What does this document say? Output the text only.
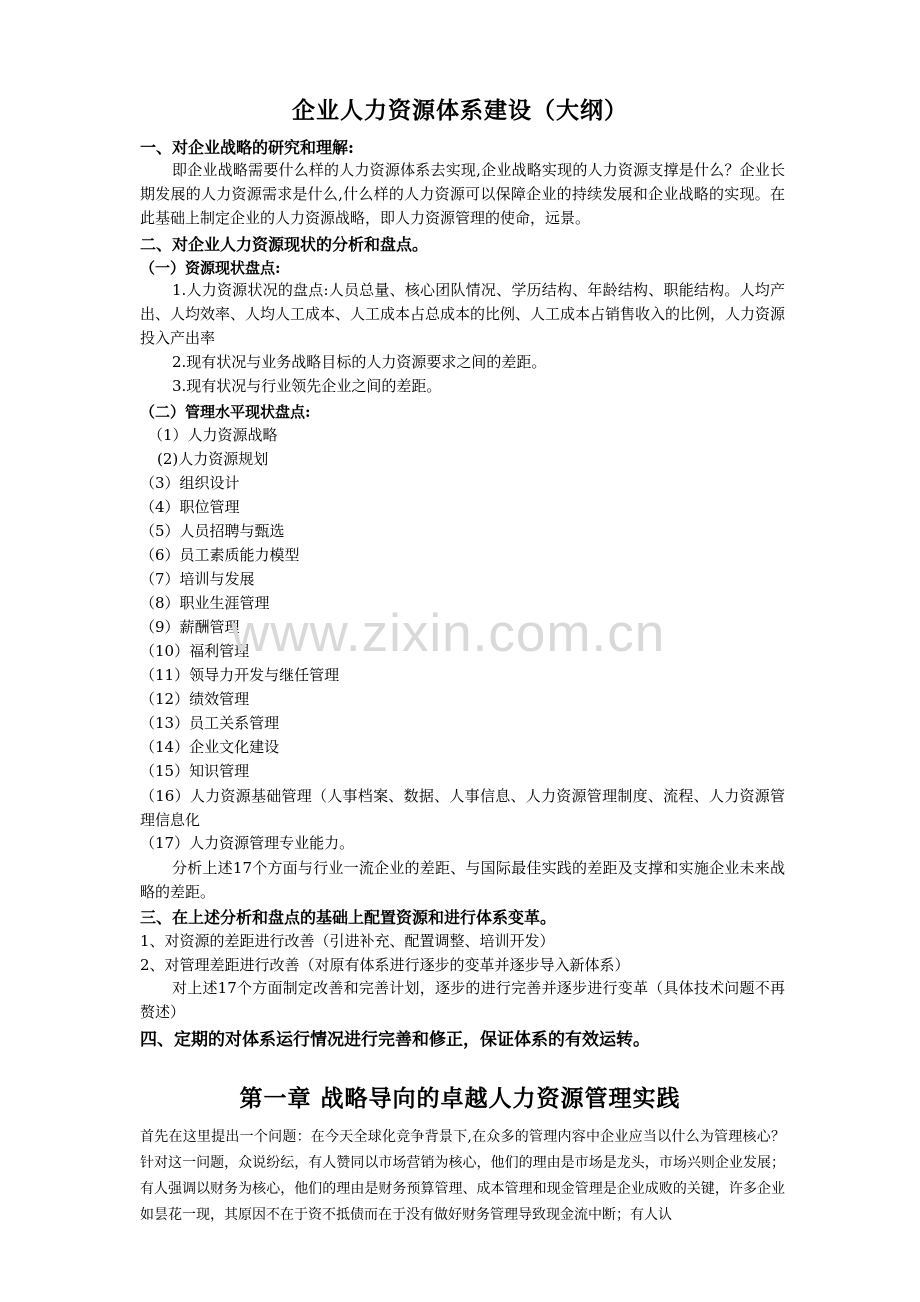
企业人力资源体系建设（大纲）
一、对企业战略的研究和理解:
即企业战略需要什么样的人力资源体系去实现,企业战略实现的人力资源支撑是什么？企业长期发展的人力资源需求是什么,什么样的人力资源可以保障企业的持续发展和企业战略的实现。在此基础上制定企业的人力资源战略，即人力资源管理的使命，远景。
二、对企业人力资源现状的分析和盘点。
（一）资源现状盘点:
1.人力资源状况的盘点:人员总量、核心团队情况、学历结构、年龄结构、职能结构。人均产出、人均效率、人均人工成本、人工成本占总成本的比例、人工成本占销售收入的比例，人力资源投入产出率
2.现有状况与业务战略目标的人力资源要求之间的差距。
3.现有状况与行业领先企业之间的差距。
（二）管理水平现状盘点:
（1）人力资源战略
(2)人力资源规划
（3）组织设计
（4）职位管理
（5）人员招聘与甄选
（6）员工素质能力模型
（7）培训与发展
（8）职业生涯管理
（9）薪酬管理
（10）福利管理
（11）领导力开发与继任管理
（12）绩效管理
（13）员工关系管理
（14）企业文化建设
（15）知识管理
（16）人力资源基础管理（人事档案、数据、人事信息、人力资源管理制度、流程、人力资源管理信息化
（17）人力资源管理专业能力。
分析上述17个方面与行业一流企业的差距、与国际最佳实践的差距及支撑和实施企业未来战略的差距。
三、在上述分析和盘点的基础上配置资源和进行体系变革。
1、对资源的差距进行改善（引进补充、配置调整、培训开发）
2、对管理差距进行改善（对原有体系进行逐步的变革并逐步导入新体系）
对上述17个方面制定改善和完善计划，逐步的进行完善并逐步进行变革（具体技术问题不再赘述）
四、定期的对体系运行情况进行完善和修正，保证体系的有效运转。
第一章 战略导向的卓越人力资源管理实践
首先在这里提出一个问题：在今天全球化竞争背景下,在众多的管理内容中企业应当以什么为管理核心？针对这一问题，众说纷纭，有人赞同以市场营销为核心，他们的理由是市场是龙头，市场兴则企业发展；有人强调以财务为核心，他们的理由是财务预算管理、成本管理和现金管理是企业成败的关键，许多企业如昙花一现，其原因不在于资不抵债而在于没有做好财务管理导致现金流中断；有人认
www.zixin.com.cn
